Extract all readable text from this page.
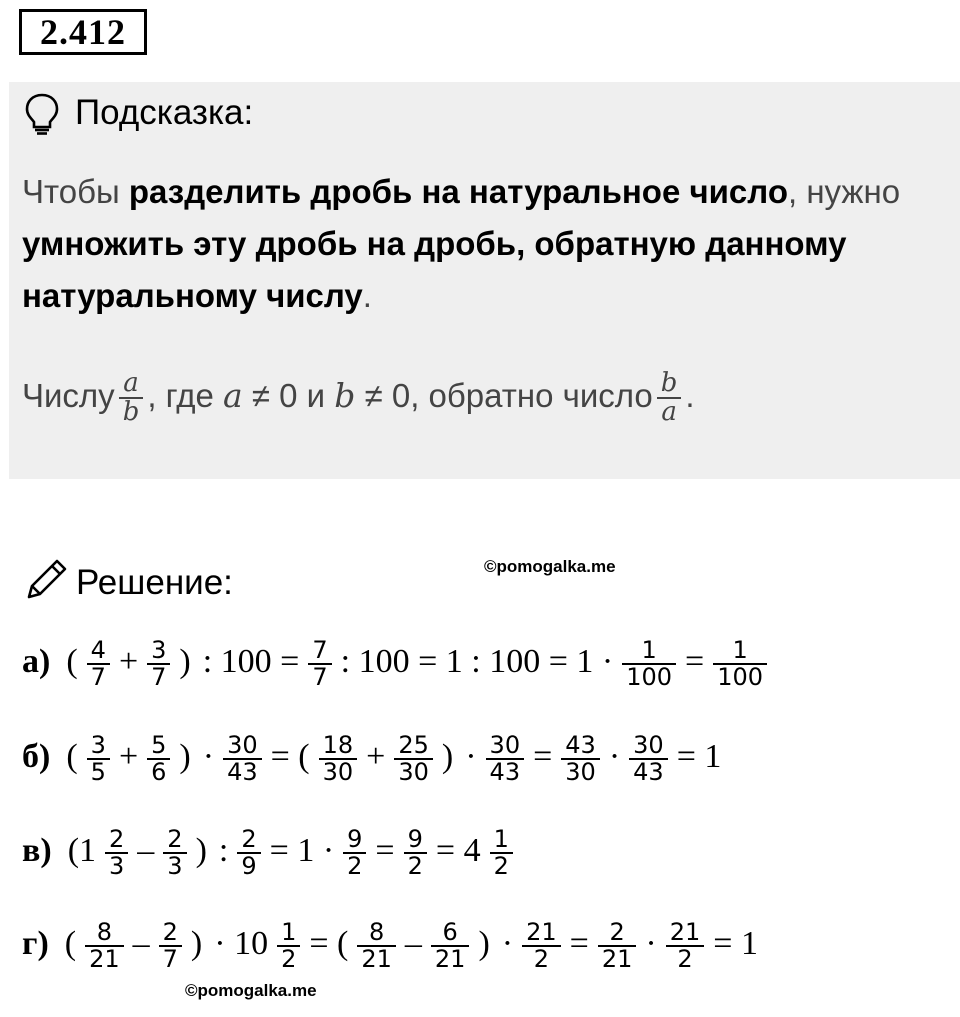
2.412
Подсказка:
Чтобы разделить дробь на натуральное число, нужно умножить эту дробь на дробь, обратную данному натуральному числу.
Числу $\frac{a}{b}$ , где a ≠ 0 и b ≠ 0, обратно число $\frac{b}{a}$ .
Решение:	©pomogalka.me
а) ( $\frac{4}{7} + \frac{3}{7}$ ) : $100 = \frac{7}{7}$ : 100 = 1 : $100 = 1 \cdot \frac{1}{100} = \frac{1}{100}$
б) ( $\frac{3}{5} + \frac{5}{6}$ ) · $\frac{30}{43}$ = ( $\frac{18}{30} + \frac{25}{30}$ ) · $\frac{30}{43} = \frac{43}{30} \cdot \frac{30}{43} = 1$
в) ($1 \frac{2}{3} - \frac{2}{3}$ ) : $\frac{2}{9} = 1 \cdot \frac{9}{2} = \frac{9}{2} = 4 \frac{1}{2}$
г) ( $\frac{8}{21} - \frac{2}{7}$ ) · $10 \frac{1}{2}$ = ( $\frac{8}{21} - \frac{6}{21}$ ) · $\frac{21}{2} = \frac{2}{21} \cdot \frac{21}{2} = 1$
©pomogalka.me
